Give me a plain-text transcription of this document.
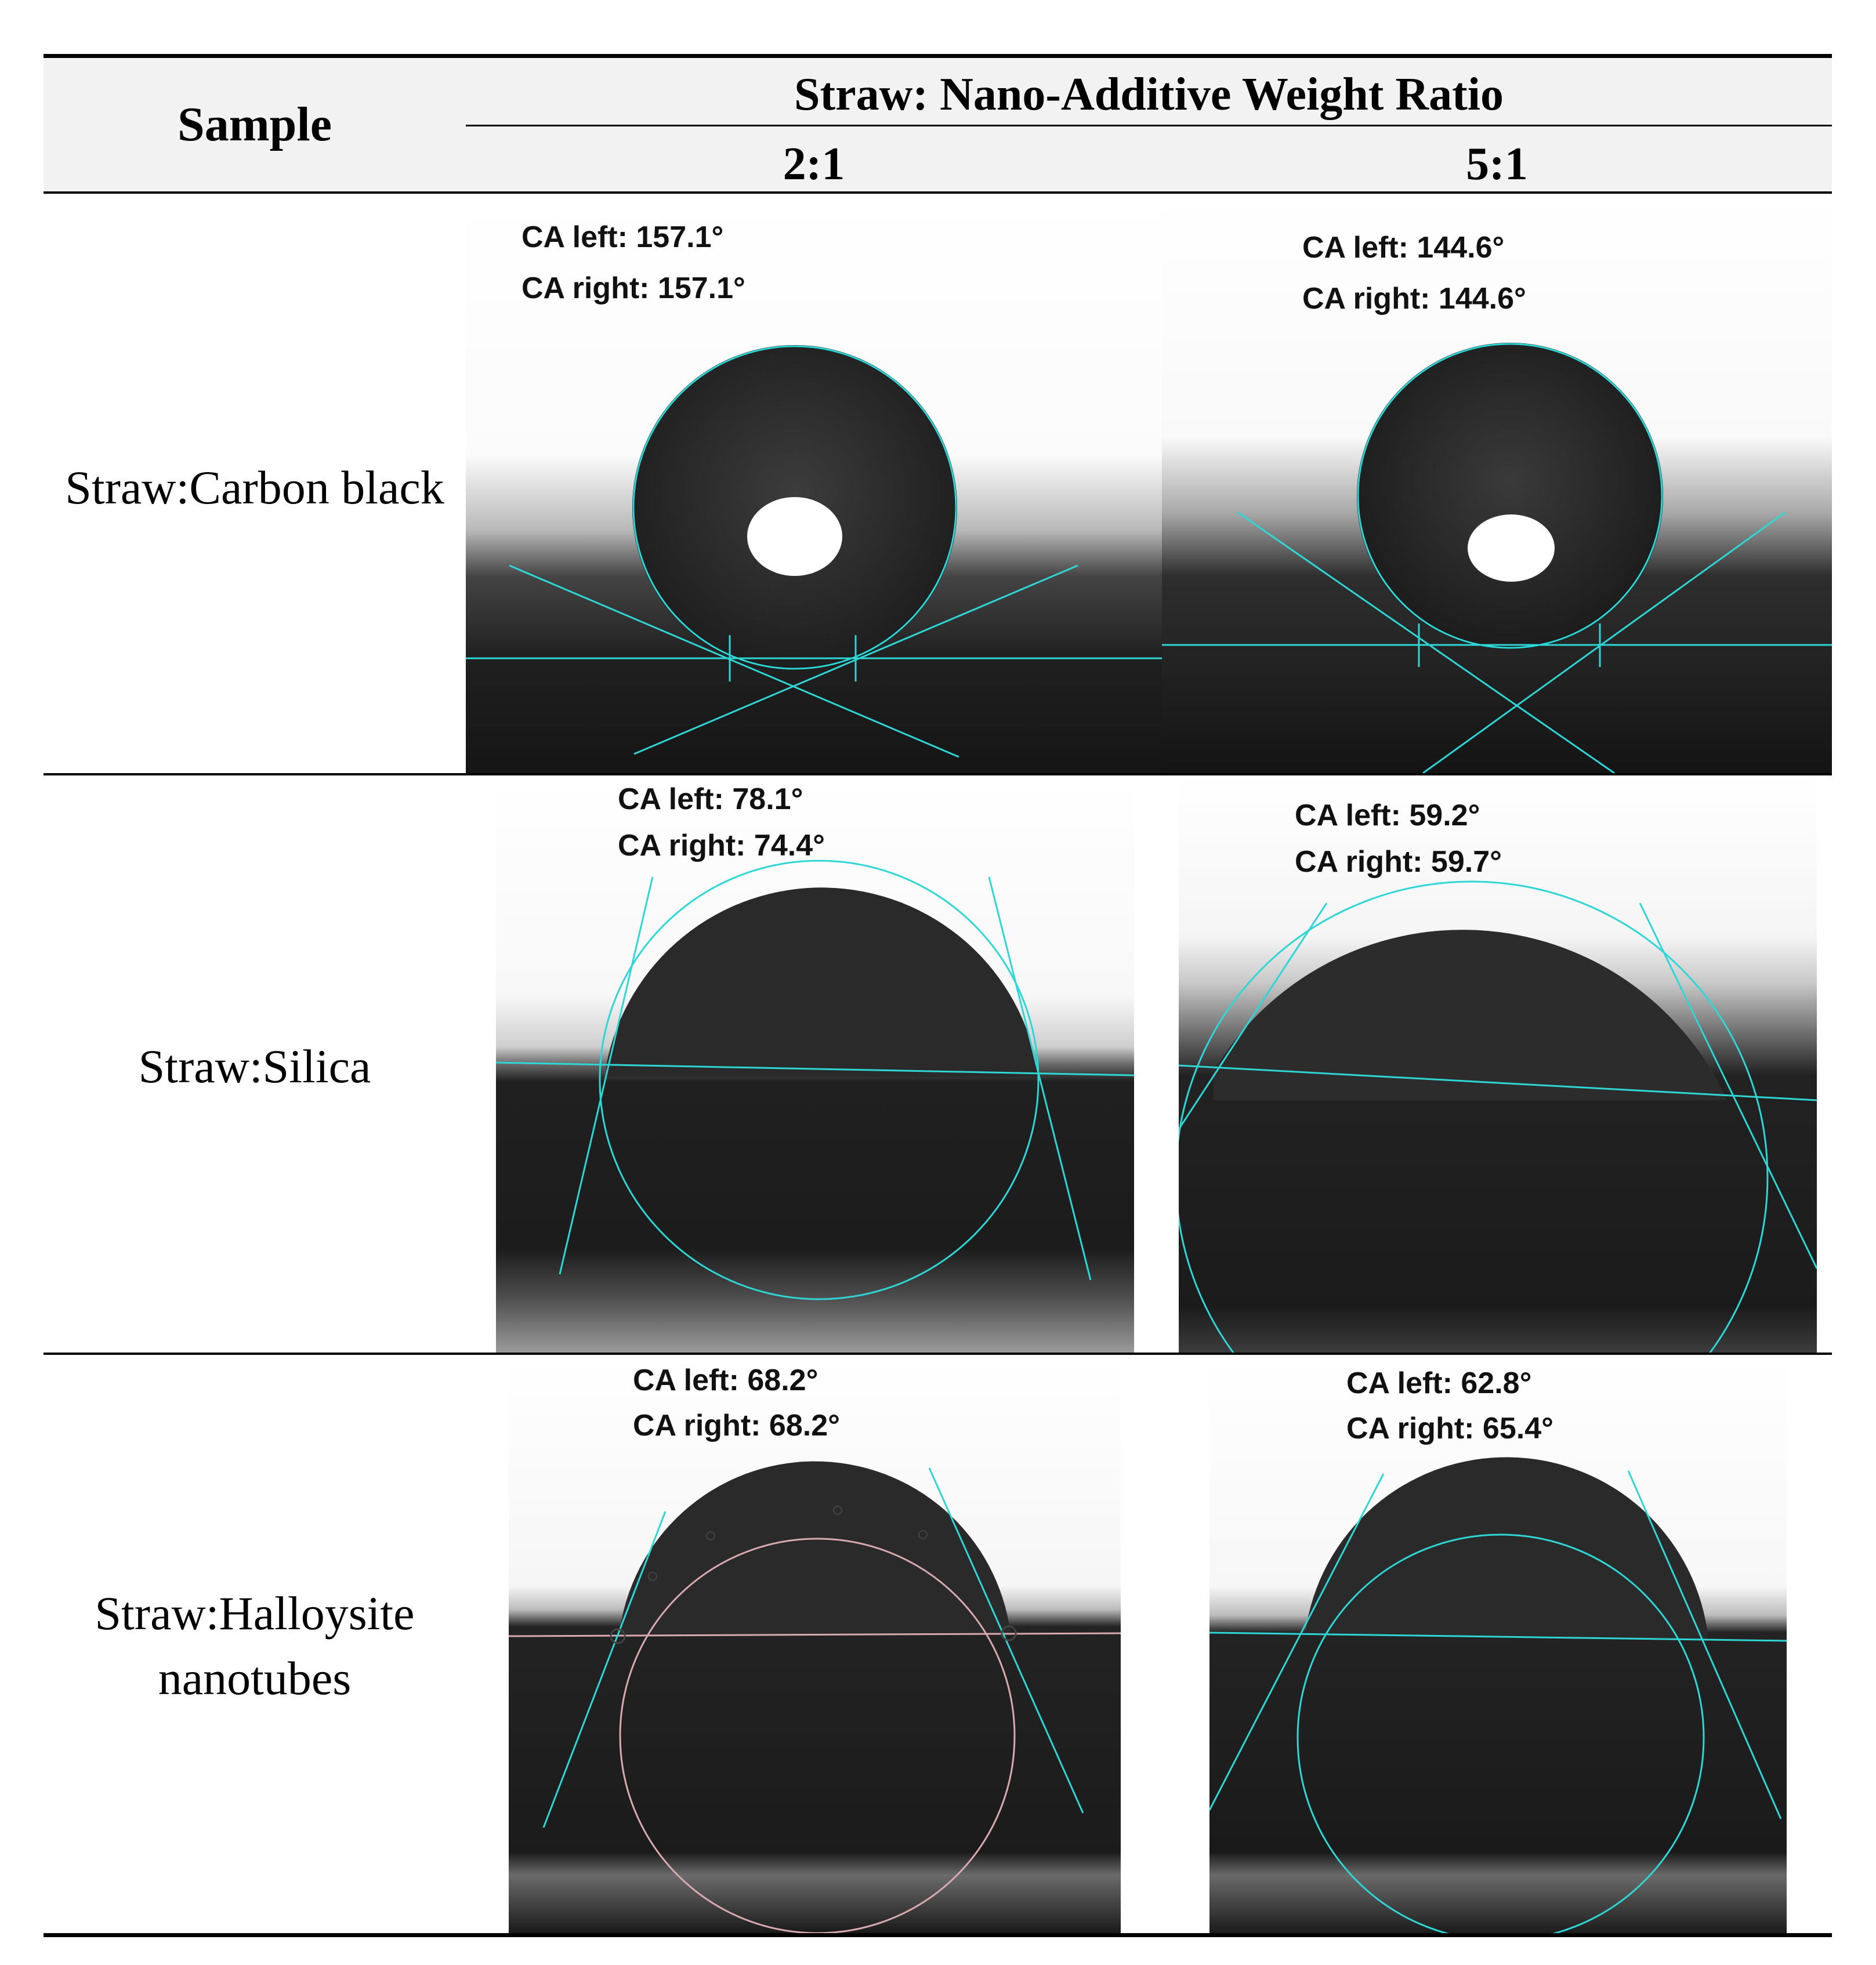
Sample
Straw: Nano-Additive Weight Ratio
2:1	5:1
Straw:Carbon black
Straw:Silica
Straw:Halloysite
nanotubes
CA left: 157.1°
CA right: 157.1°
CA left: 144.6°
CA right: 144.6°
CA left: 78.1°
CA right: 74.4°
CA left: 59.2°
CA right: 59.7°
CA left: 68.2°
CA right: 68.2°
CA left: 62.8°
CA right: 65.4°
